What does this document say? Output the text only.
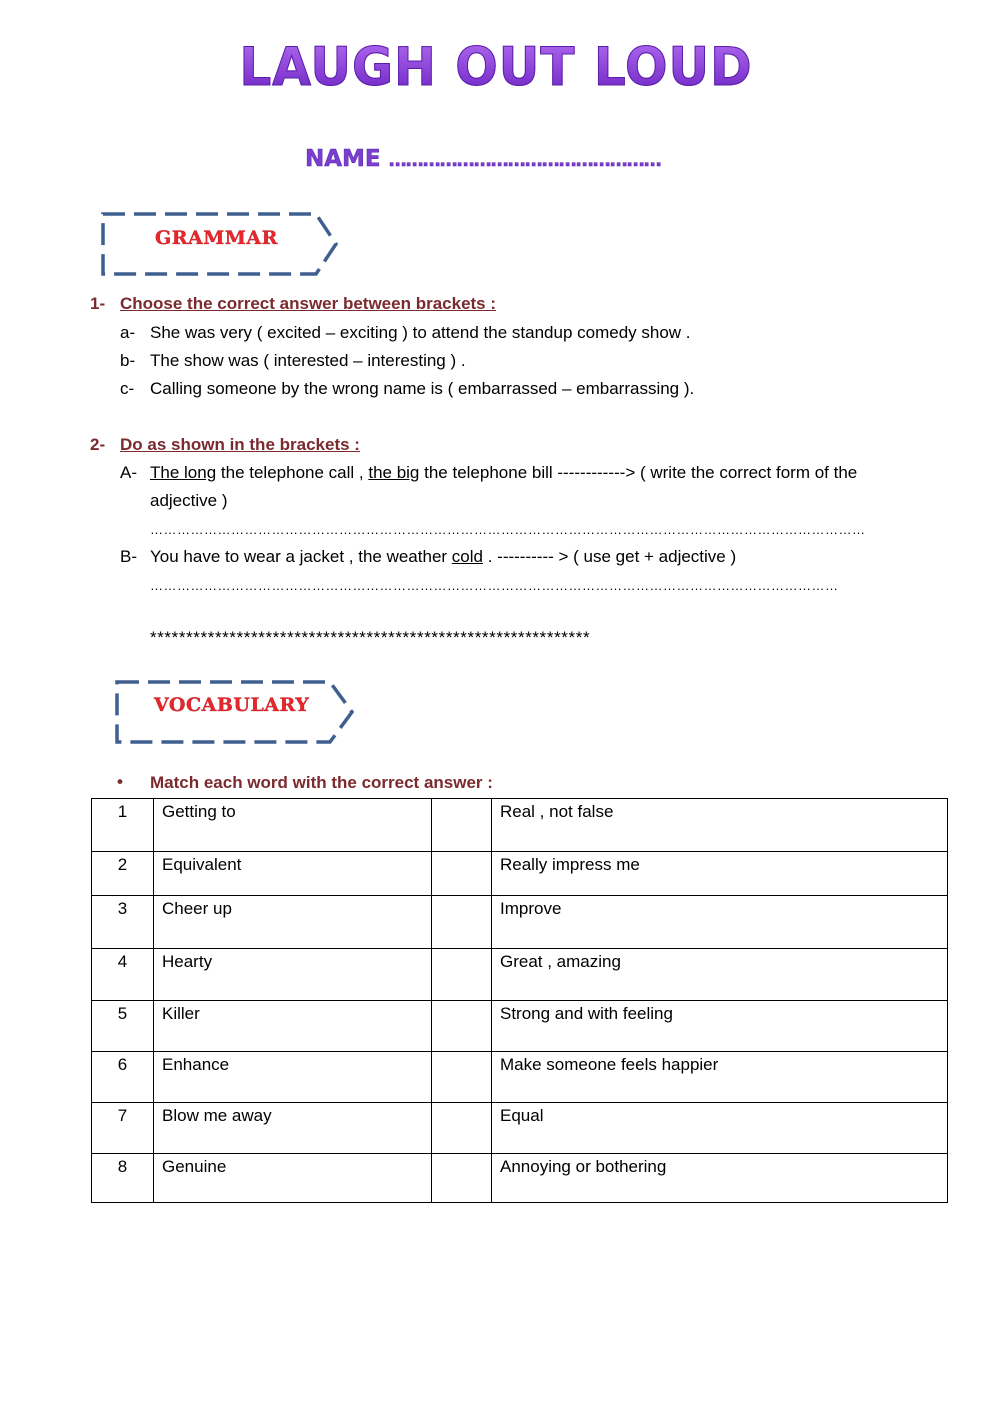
LAUGH OUT LOUD
NAME …………………………………………
GRAMMAR
1- Choose the correct answer between brackets :
a- She was very ( excited – exciting ) to attend the standup comedy show .
b- The show was ( interested – interesting ) .
c- Calling someone by the wrong name is ( embarrassed – embarrassing ).
2- Do as shown in the brackets :
A- The long the telephone call , the big the telephone bill ------------> ( write the correct form of the
adjective )
……………………………………………………………………………………………………………………………………………
B- You have to wear a jacket , the weather cold . ---------- > ( use get + adjective )
………………………………………………………………………………………………………………………………………
*************************************************************
VOCABULARY
• Match each word with the correct answer :
1	Getting to		Real , not false
2	Equivalent		Really impress me
3	Cheer up		Improve
4	Hearty		Great , amazing
5	Killer		Strong and with feeling
6	Enhance		Make someone feels happier
7	Blow me away		Equal
8	Genuine		Annoying or bothering
